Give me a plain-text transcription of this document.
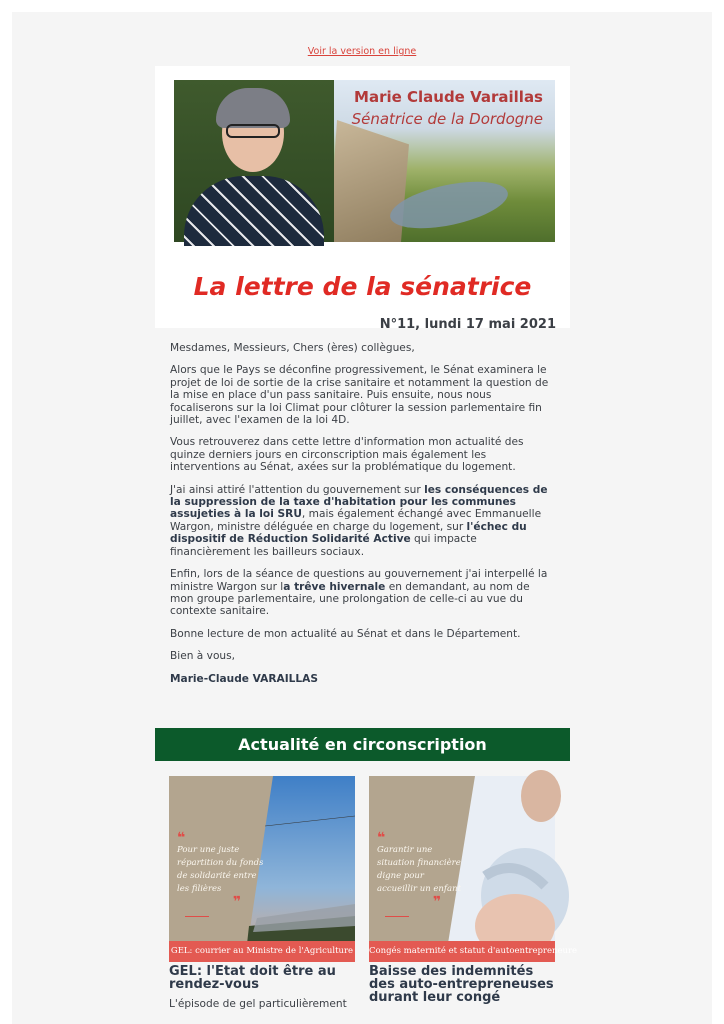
Voir la version en ligne
Marie Claude Varaillas
Sénatrice de la Dordogne
La lettre de la sénatrice
N°11, lundi 17 mai 2021

Mesdames, Messieurs, Chers (ères) collègues,

Alors que le Pays se déconfine progressivement, le Sénat examinera le projet de loi de sortie de la crise sanitaire et notamment la question de la mise en place d'un pass sanitaire. Puis ensuite, nous nous focaliserons sur la loi Climat pour clôturer la session parlementaire fin juillet, avec l'examen de la loi 4D.

Vous retrouverez dans cette lettre d'information mon actualité des quinze derniers jours en circonscription mais également les interventions au Sénat, axées sur la problématique du logement.

J'ai ainsi attiré l'attention du gouvernement sur les conséquences de la suppression de la taxe d'habitation pour les communes assujeties à la loi SRU, mais également échangé avec Emmanuelle Wargon, ministre déléguée en charge du logement, sur l'échec du dispositif de Réduction Solidarité Active qui impacte financièrement les bailleurs sociaux.

Enfin, lors de la séance de questions au gouvernement j'ai interpellé la ministre Wargon sur la trêve hivernale en demandant, au nom de mon groupe parlementaire, une prolongation de celle-ci au vue du contexte sanitaire.

Bonne lecture de mon actualité au Sénat et dans le Département.

Bien à vous,

Marie-Claude VARAILLAS

Actualité en circonscription
❝
Pour une juste répartition du fonds de solidarité entre les filières
❞
GEL: courrier au Ministre de l'Agriculture
GEL: l'Etat doit être au rendez-vous
L'épisode de gel particulièrement
❝
Garantir une situation financière digne pour accueillir un enfant
❞
Congés maternité et statut d'autoentrepreneure
Baisse des indemnités des auto-entrepreneuses durant leur congé
